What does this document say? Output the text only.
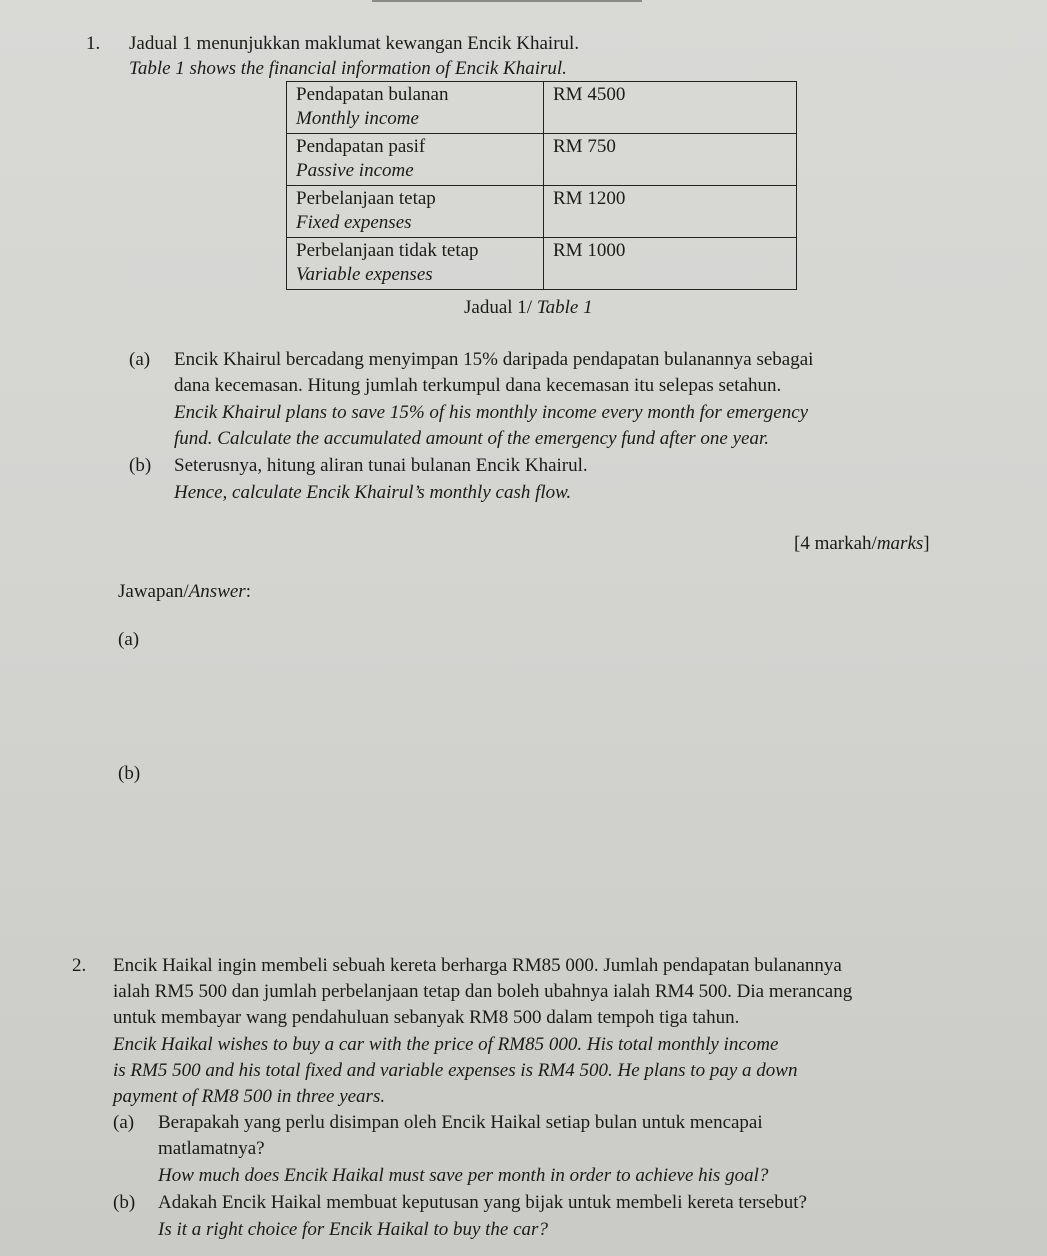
1. Jadual 1 menunjukkan maklumat kewangan Encik Khairul.
Table 1 shows the financial information of Encik Khairul.
Pendapatan bulanan
Monthly income	RM 4500

Pendapatan pasif
Passive income	RM 750

Perbelanjaan tetap
Fixed expenses	RM 1200

Perbelanjaan tidak tetap
Variable expenses	RM 1000
Jadual 1/ Table 1
(a) Encik Khairul bercadang menyimpan 15% daripada pendapatan bulanannya sebagai
dana kecemasan. Hitung jumlah terkumpul dana kecemasan itu selepas setahun.
Encik Khairul plans to save 15% of his monthly income every month for emergency
fund. Calculate the accumulated amount of the emergency fund after one year.
(b) Seterusnya, hitung aliran tunai bulanan Encik Khairul.
Hence, calculate Encik Khairul’s monthly cash flow.
[4 markah/marks]
Jawapan/Answer:
(a)
(b)
2. Encik Haikal ingin membeli sebuah kereta berharga RM85 000. Jumlah pendapatan bulanannya
ialah RM5 500 dan jumlah perbelanjaan tetap dan boleh ubahnya ialah RM4 500. Dia merancang
untuk membayar wang pendahuluan sebanyak RM8 500 dalam tempoh tiga tahun.
Encik Haikal wishes to buy a car with the price of RM85 000. His total monthly income
is RM5 500 and his total fixed and variable expenses is RM4 500. He plans to pay a down
payment of RM8 500 in three years.
(a) Berapakah yang perlu disimpan oleh Encik Haikal setiap bulan untuk mencapai
matlamatnya?
How much does Encik Haikal must save per month in order to achieve his goal?
(b) Adakah Encik Haikal membuat keputusan yang bijak untuk membeli kereta tersebut?
Is it a right choice for Encik Haikal to buy the car?
